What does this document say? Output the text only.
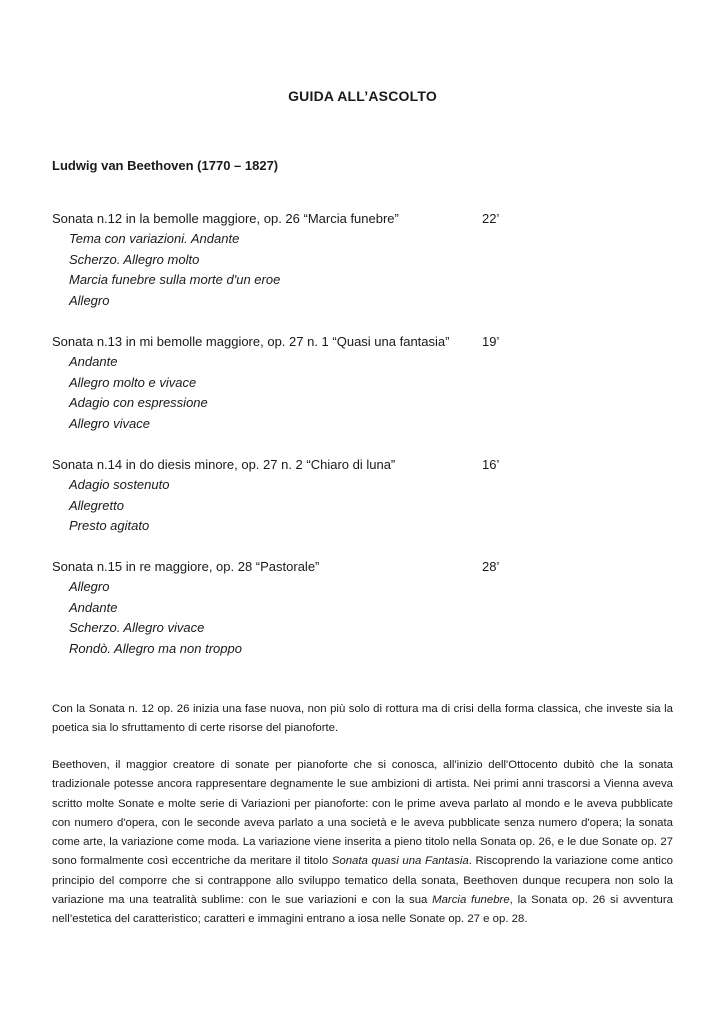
GUIDA ALL’ASCOLTO
Ludwig van Beethoven (1770 – 1827)
Sonata n.12 in la bemolle maggiore, op. 26 “Marcia funebre”	22’
Tema con variazioni. Andante
Scherzo. Allegro molto
Marcia funebre sulla morte d'un eroe
Allegro
Sonata n.13 in mi bemolle maggiore, op. 27 n. 1 “Quasi una fantasia”	19’
Andante
Allegro molto e vivace
Adagio con espressione
Allegro vivace
Sonata n.14 in do diesis minore, op. 27 n. 2 “Chiaro di luna”	16’
Adagio sostenuto
Allegretto
Presto agitato
Sonata n.15 in re maggiore, op. 28 “Pastorale”	28’
Allegro
Andante
Scherzo. Allegro vivace
Rondò. Allegro ma non troppo

Con la Sonata n. 12 op. 26 inizia una fase nuova, non più solo di rottura ma di crisi della forma classica, che investe sia la poetica sia lo sfruttamento di certe risorse del pianoforte.

Beethoven, il maggior creatore di sonate per pianoforte che si conosca, all'inizio dell'Ottocento dubitò che la sonata tradizionale potesse ancora rappresentare degnamente le sue ambizioni di artista. Nei primi anni trascorsi a Vienna aveva scritto molte Sonate e molte serie di Variazioni per pianoforte: con le prime aveva parlato al mondo e le aveva pubblicate con numero d'opera, con le seconde aveva parlato a una società e le aveva pubblicate senza numero d'opera; la sonata come arte, la variazione come moda. La variazione viene inserita a pieno titolo nella Sonata op. 26, e le due Sonate op. 27 sono formalmente così eccentriche da meritare il titolo Sonata quasi una Fantasia. Riscoprendo la variazione come antico principio del comporre che si contrappone allo sviluppo tematico della sonata, Beethoven dunque recupera non solo la variazione ma una teatralità sublime: con le sue variazioni e con la sua Marcia funebre, la Sonata op. 26 si avventura nell’estetica del caratteristico; caratteri e immagini entrano a iosa nelle Sonate op. 27 e op. 28.
